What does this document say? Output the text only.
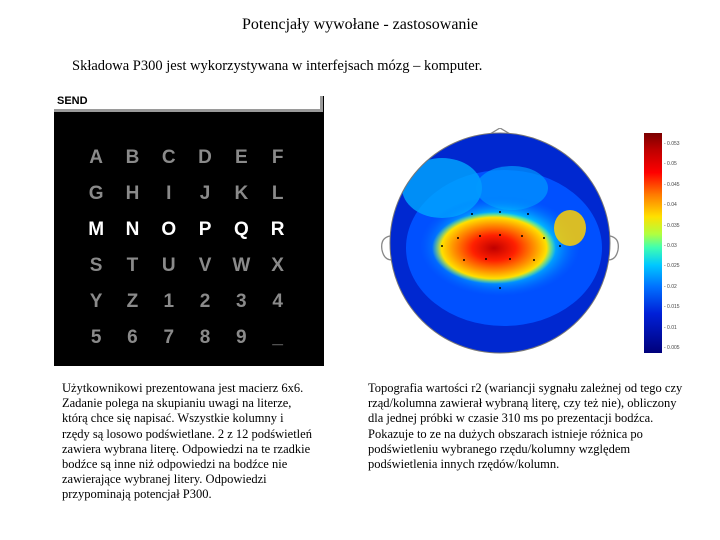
Potencjały wywołane - zastosowanie
Składowa P300 jest wykorzystywana w interfejsach mózg – komputer.
SEND
A	B	C	D	E	F
G	H	I	J	K	L
M	N	O	P	Q	R
S	T	U	V	W	X
Y	Z	1	2	3	4
5	6	7	8	9	_
- 0.053
- 0.05
- 0.045
- 0.04
- 0.035
- 0.03
- 0.025
- 0.02
- 0.015
- 0.01
- 0.005
Użytkownikowi prezentowana jest macierz 6x6. Zadanie polega na skupianiu uwagi na literze, którą chce się napisać. Wszystkie kolumny i rzędy są losowo podświetlane. 2 z 12 podświetleń zawiera wybrana literę. Odpowiedzi na te rzadkie bodźce są inne niż odpowiedzi na bodźce nie zawierające wybranej litery. Odpowiedzi przypominają potencjał P300.
Topografia wartości r2 (wariancji sygnału zależnej od tego czy rząd/kolumna zawierał wybraną literę, czy też nie), obliczony dla jednej próbki w czasie 310 ms po prezentacji bodźca. Pokazuje to ze na dużych obszarach istnieje różnica po podświetleniu wybranego rzędu/kolumny względem podświetlenia innych rzędów/kolumn.
